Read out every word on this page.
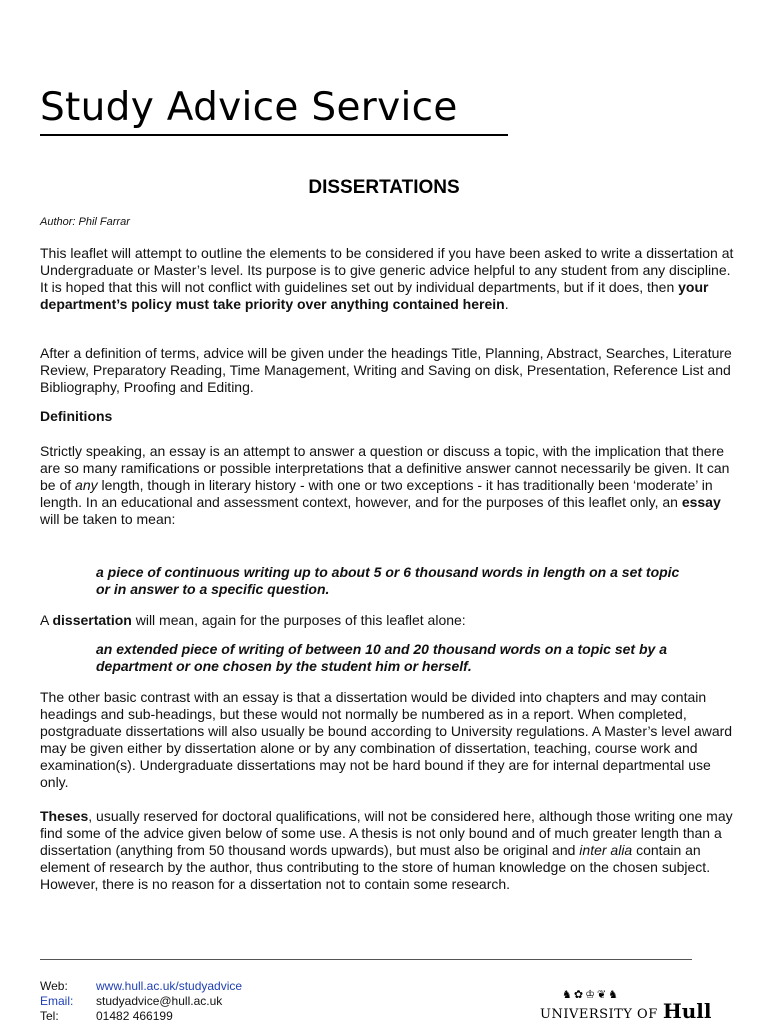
Study Advice Service
DISSERTATIONS
Author: Phil Farrar

This leaflet will attempt to outline the elements to be considered if you have been asked to write a dissertation at Undergraduate or Master’s level. Its purpose is to give generic advice helpful to any student from any discipline. It is hoped that this will not conflict with guidelines set out by individual departments, but if it does, then your department’s policy must take priority over anything contained herein.

After a definition of terms, advice will be given under the headings Title, Planning, Abstract, Searches, Literature Review, Preparatory Reading, Time Management, Writing and Saving on disk, Presentation, Reference List and Bibliography, Proofing and Editing.

Definitions

Strictly speaking, an essay is an attempt to answer a question or discuss a topic, with the implication that there are so many ramifications or possible interpretations that a definitive answer cannot necessarily be given. It can be of any length, though in literary history - with one or two exceptions - it has traditionally been ‘moderate’ in length. In an educational and assessment context, however, and for the purposes of this leaflet only, an essay will be taken to mean:

a piece of continuous writing up to about 5 or 6 thousand words in length on a set topic or in answer to a specific question.

A dissertation will mean, again for the purposes of this leaflet alone:

an extended piece of writing of between 10 and 20 thousand words on a topic set by a department or one chosen by the student him or herself.

The other basic contrast with an essay is that a dissertation would be divided into chapters and may contain headings and sub-headings, but these would not normally be numbered as in a report. When completed, postgraduate dissertations will also usually be bound according to University regulations. A Master’s level award may be given either by dissertation alone or by any combination of dissertation, teaching, course work and examination(s). Undergraduate dissertations may not be hard bound if they are for internal departmental use only.

Theses, usually reserved for doctoral qualifications, will not be considered here, although those writing one may find some of the advice given below of some use. A thesis is not only bound and of much greater length than a dissertation (anything from 50 thousand words upwards), but must also be original and inter alia contain an element of research by the author, thus contributing to the store of human knowledge on the chosen subject. However, there is no reason for a dissertation not to contain some research.

Web: www.hull.ac.uk/studyadvice
Email: studyadvice@hull.ac.uk
Tel:	01482 466199
♞✿♔❦♞
UNIVERSITY OF Hull
